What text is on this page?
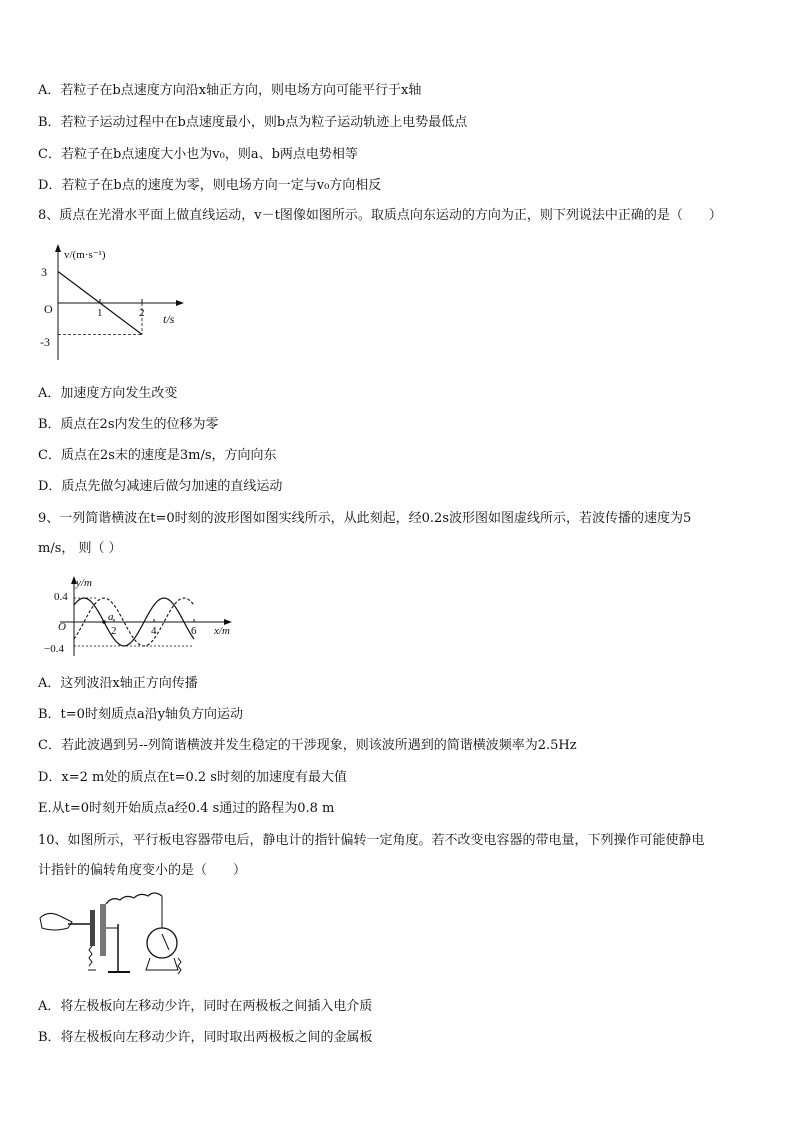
A．若粒子在b点速度方向沿x轴正方向，则电场方向可能平行于x轴
B．若粒子运动过程中在b点速度最小，则b点为粒子运动轨迹上电势最低点
C．若粒子在b点速度大小也为v₀，则a、b两点电势相等
D．若粒子在b点的速度为零，则电场方向一定与v₀方向相反
8、质点在光滑水平面上做直线运动，v－t图像如图所示。取质点向东运动的方向为正，则下列说法中正确的是（　　）
v/(m·s⁻¹)
3
O
-3
t/s
1	2
A．加速度方向发生改变
B．质点在2s内发生的位移为零
C．质点在2s末的速度是3m/s，方向向东
D．质点先做匀减速后做匀加速的直线运动
9、一列简谐横波在t=0时刻的波形图如图实线所示，从此刻起，经0.2s波形图如图虚线所示，若波传播的速度为5
m/s， 则（ ）
y/m
O
0.4
−0.4
x/m
2	4	6
a
A．这列波沿x轴正方向传播
B．t=0时刻质点a沿y轴负方向运动
C．若此波遇到另--列简谐横波并发生稳定的干涉现象，则该波所遇到的简谐横波频率为2.5Hz
D．x=2 m处的质点在t=0.2 s时刻的加速度有最大值
E.从t=0时刻开始质点a经0.4 s通过的路程为0.8 m
10、如图所示，平行板电容器带电后，静电计的指针偏转一定角度。若不改变电容器的带电量，下列操作可能使静电
计指针的偏转角度变小的是（　　）
A．将左极板向左移动少许，同时在两极板之间插入电介质
B．将左极板向左移动少许，同时取出两极板之间的金属板
